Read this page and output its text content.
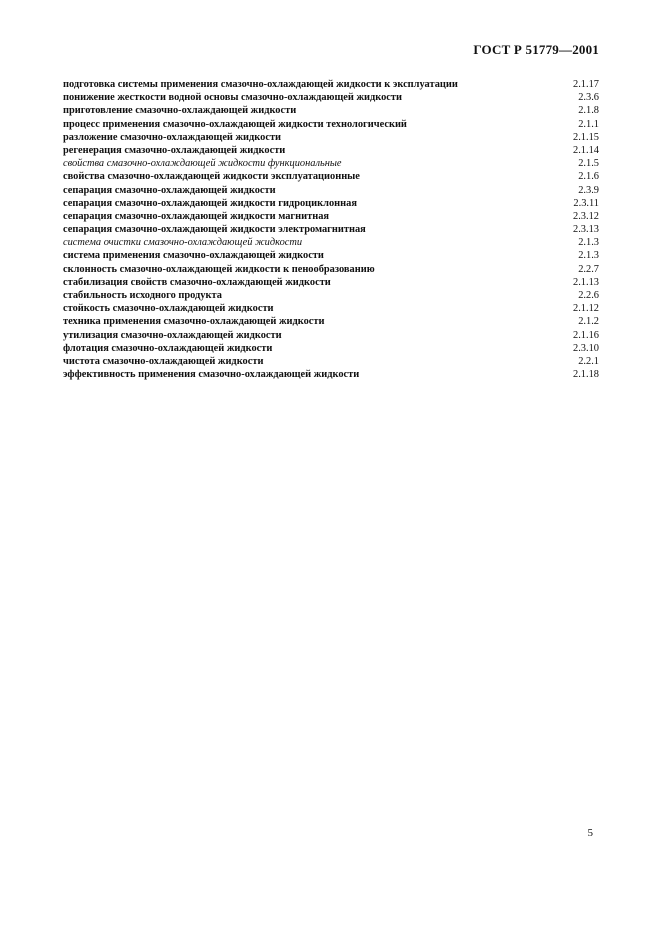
ГОСТ Р 51779—2001
подготовка системы применения смазочно-охлаждающей жидкости к эксплуатации	2.1.17
понижение жесткости водной основы смазочно-охлаждающей жидкости	2.3.6
приготовление смазочно-охлаждающей жидкости	2.1.8
процесс применения смазочно-охлаждающей жидкости технологический	2.1.1
разложение смазочно-охлаждающей жидкости	2.1.15
регенерация смазочно-охлаждающей жидкости	2.1.14
свойства смазочно-охлаждающей жидкости функциональные	2.1.5
свойства смазочно-охлаждающей жидкости эксплуатационные	2.1.6
сепарация смазочно-охлаждающей жидкости	2.3.9
сепарация смазочно-охлаждающей жидкости гидроциклонная	2.3.11
сепарация смазочно-охлаждающей жидкости магнитная	2.3.12
сепарация смазочно-охлаждающей жидкости электромагнитная	2.3.13
система очистки смазочно-охлаждающей жидкости	2.1.3
система применения смазочно-охлаждающей жидкости	2.1.3
склонность смазочно-охлаждающей жидкости к пенообразованию	2.2.7
стабилизация свойств смазочно-охлаждающей жидкости	2.1.13
стабильность исходного продукта	2.2.6
стойкость смазочно-охлаждающей жидкости	2.1.12
техника применения смазочно-охлаждающей жидкости	2.1.2
утилизация смазочно-охлаждающей жидкости	2.1.16
флотация смазочно-охлаждающей жидкости	2.3.10
чистота смазочно-охлаждающей жидкости	2.2.1
эффективность применения смазочно-охлаждающей жидкости	2.1.18
5
